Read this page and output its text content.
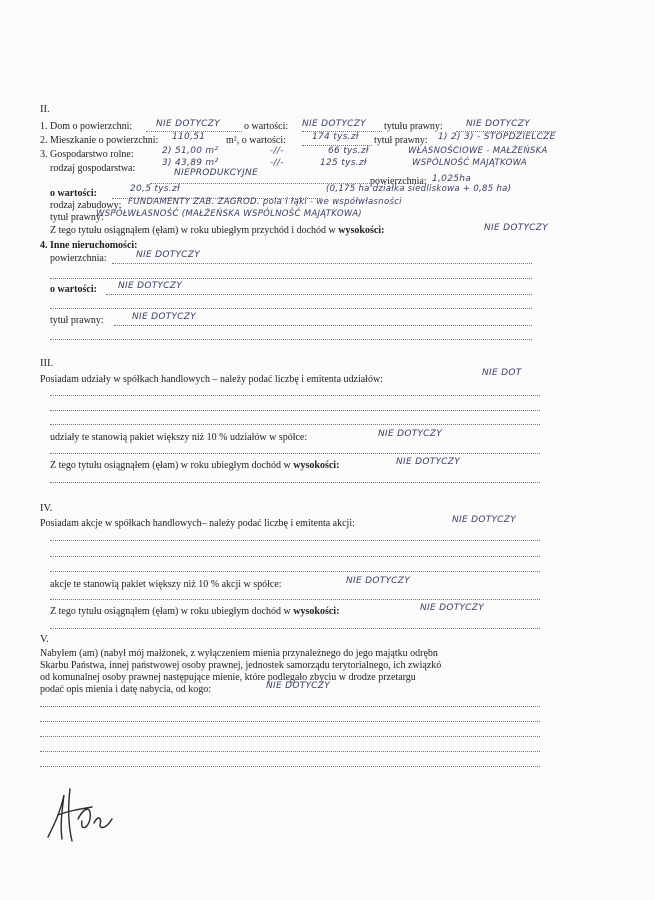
II.
1. Dom o powierzchni:	NIE DOTYCZY o wartości: NIE DOTYCZY tytułu prawny:	NIE DOTYCZY
2. Mieszkanie o powierzchni: 110,51 m², o wartości:	174 tys.zł tytuł prawny: 1) 2) 3) - STOPDZIELCZE
3. Gospodarstwo rolne:	2) 51,00 m²	-//-	66 tys.zł	WŁASNOŚCIOWE - MAŁŻEŃSKA
rodzaj gospodarstwa:	3) 43,89 m²	-//-	125 tys.zł	WSPÓLNOŚĆ MAJĄTKOWA
NIEPRODUKCYJNE
powierzchnia: 1,025ha
o wartości:	20,5 tys.zł	(0,175 ha działka siedliskowa + 0,85 ha)
rodzaj zabudowy: FUNDAMENTY ZAB. ZAGROD. pola i łąki - we współwłasności
tytuł prawny:
WSPÓŁWŁASNOŚĆ (MAŁŻEŃSKA WSPÓLNOŚĆ MAJĄTKOWA)
Z tego tytułu osiągnąłem (ęłam) w roku ubiegłym przychód i dochód w wysokości:	NIE DOTYCZY
4. Inne nieruchomości:
powierzchnia:	NIE DOTYCZY
o wartości: NIE DOTYCZY
tytuł prawny:	NIE DOTYCZY
III.
Posiadam udziały w spółkach handlowych – należy podać liczbę i emitenta udziałów:
NIE DOT
udziały te stanowią pakiet większy niż 10 % udziałów w spółce:	NIE DOTYCZY
Z tego tytułu osiągnąłem (ęłam) w roku ubiegłym dochód w wysokości:	NIE DOTYCZY
IV.
Posiadam akcje w spółkach handlowych– należy podać liczbę i emitenta akcji:	NIE DOTYCZY
akcje te stanowią pakiet większy niż 10 % akcji w spółce:	NIE DOTYCZY
Z tego tytułu osiągnąłem (ęłam) w roku ubiegłym dochód w wysokości:	NIE DOTYCZY
V.
Nabyłem (am) (nabył mój małżonek, z wyłączeniem mienia przynależnego do jego majątku odrębn
Skarbu Państwa, innej państwowej osoby prawnej, jednostek samorządu terytorialnego, ich związkó
od komunalnej osoby prawnej następujące mienie, które podlegało zbyciu w drodze przetargu
podać opis mienia i datę nabycia, od kogo:	NIE DOTYCZY
